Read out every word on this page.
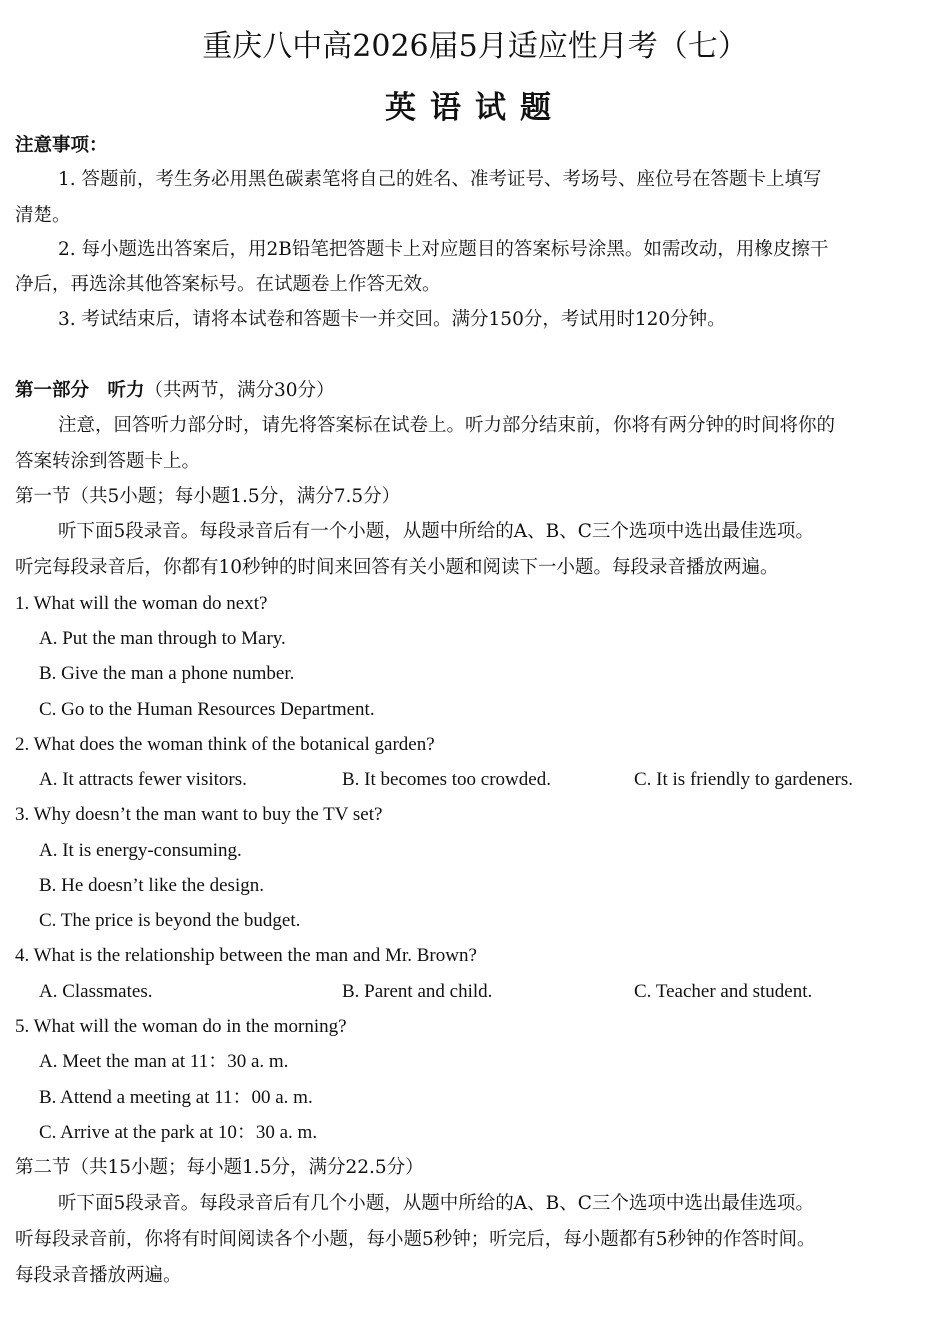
重庆八中高2026届5月适应性月考（七）
英语试题
注意事项：
1. 答题前，考生务必用黑色碳素笔将自己的姓名、准考证号、考场号、座位号在答题卡上填写
清楚。
2. 每小题选出答案后，用2B铅笔把答题卡上对应题目的答案标号涂黑。如需改动，用橡皮擦干
净后，再选涂其他答案标号。在试题卷上作答无效。
3. 考试结束后，请将本试卷和答题卡一并交回。满分150分，考试用时120分钟。
第一部分　听力（共两节，满分30分）
注意，回答听力部分时，请先将答案标在试卷上。听力部分结束前，你将有两分钟的时间将你的
答案转涂到答题卡上。
第一节（共5小题；每小题1.5分，满分7.5分）
听下面5段录音。每段录音后有一个小题，从题中所给的A、B、C三个选项中选出最佳选项。
听完每段录音后，你都有10秒钟的时间来回答有关小题和阅读下一小题。每段录音播放两遍。
1. What will the woman do next?
A. Put the man through to Mary.
B. Give the man a phone number.
C. Go to the Human Resources Department.
2. What does the woman think of the botanical garden?
A. It attracts fewer visitors.	B. It becomes too crowded.	C. It is friendly to gardeners.
3. Why doesn’t the man want to buy the TV set?
A. It is energy-consuming.
B. He doesn’t like the design.
C. The price is beyond the budget.
4. What is the relationship between the man and Mr. Brown?
A. Classmates.	B. Parent and child.	C. Teacher and student.
5. What will the woman do in the morning?
A. Meet the man at 11：30 a. m.
B. Attend a meeting at 11：00 a. m.
C. Arrive at the park at 10：30 a. m.
第二节（共15小题；每小题1.5分，满分22.5分）
听下面5段录音。每段录音后有几个小题，从题中所给的A、B、C三个选项中选出最佳选项。
听每段录音前，你将有时间阅读各个小题，每小题5秒钟；听完后，每小题都有5秒钟的作答时间。
每段录音播放两遍。
